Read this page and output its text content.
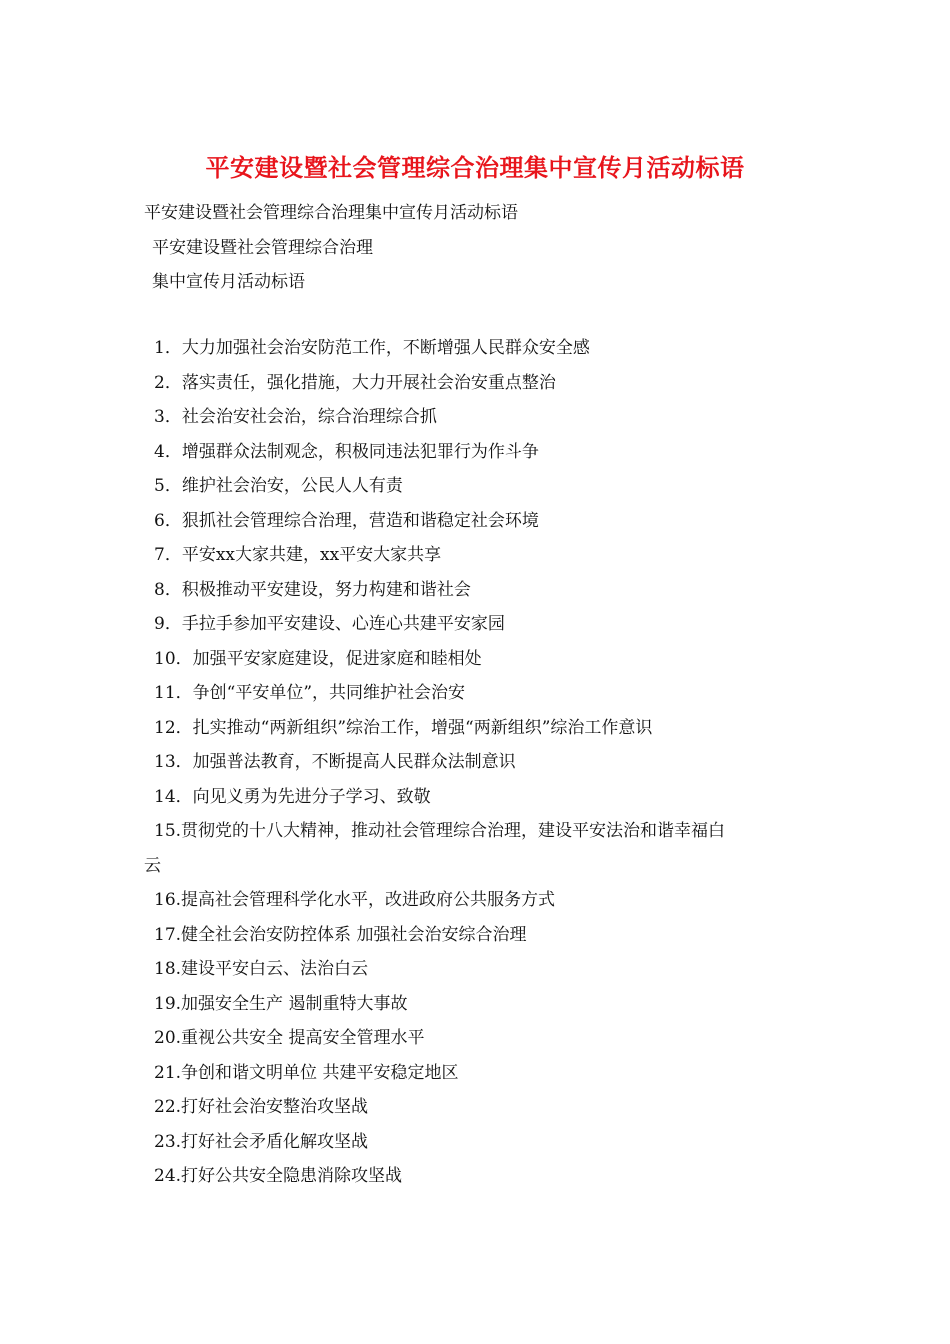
平安建设暨社会管理综合治理集中宣传月活动标语
平安建设暨社会管理综合治理集中宣传月活动标语
平安建设暨社会管理综合治理
集中宣传月活动标语
1．大力加强社会治安防范工作，不断增强人民群众安全感
2．落实责任，强化措施，大力开展社会治安重点整治
3．社会治安社会治，综合治理综合抓
4．增强群众法制观念，积极同违法犯罪行为作斗争
5．维护社会治安，公民人人有责
6．狠抓社会管理综合治理，营造和谐稳定社会环境
7．平安xx大家共建，xx平安大家共享
8．积极推动平安建设，努力构建和谐社会
9．手拉手参加平安建设、心连心共建平安家园
10．加强平安家庭建设，促进家庭和睦相处
11．争创“平安单位”，共同维护社会治安
12．扎实推动“两新组织”综治工作，增强“两新组织”综治工作意识
13．加强普法教育，不断提高人民群众法制意识
14．向见义勇为先进分子学习、致敬
15.贯彻党的十八大精神，推动社会管理综合治理，建设平安法治和谐幸福白
云
16.提高社会管理科学化水平，改进政府公共服务方式
17.健全社会治安防控体系 加强社会治安综合治理
18.建设平安白云、法治白云
19.加强安全生产 遏制重特大事故
20.重视公共安全 提高安全管理水平
21.争创和谐文明单位 共建平安稳定地区
22.打好社会治安整治攻坚战
23.打好社会矛盾化解攻坚战
24.打好公共安全隐患消除攻坚战
